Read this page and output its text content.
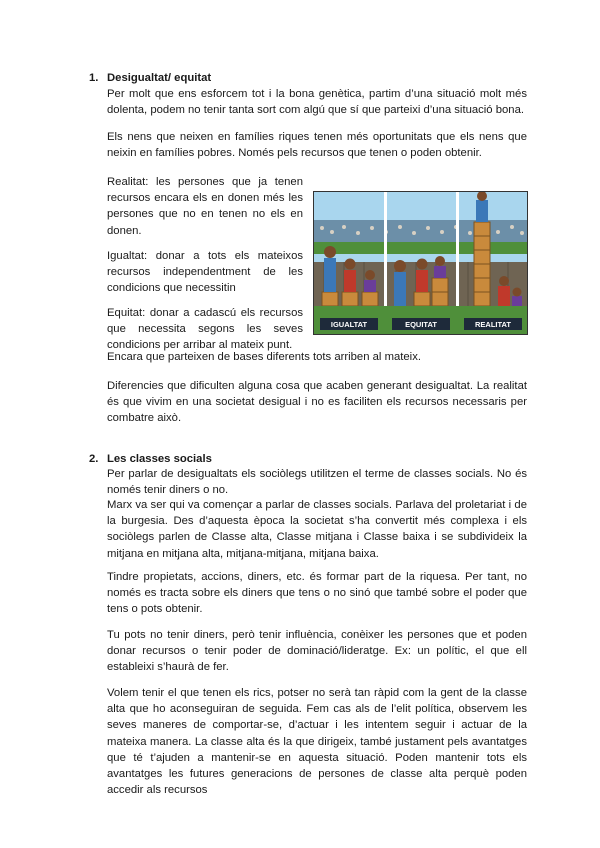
1. Desigualtat/ equitat

Per molt que ens esforcem tot i la bona genètica, partim d’una situació molt més dolenta, podem no tenir tanta sort com algú que sí que parteixi d’una situació bona.

Els nens que neixen en famílies riques tenen més oportunitats que els nens que neixin en famílies pobres. Només pels recursos que tenen o poden obtenir.

Realitat: les persones que ja tenen recursos encara els en donen més les persones que no en tenen no els en donen.

Igualtat: donar a tots els mateixos recursos independentment de les condicions que necessitin

Equitat: donar a cadascú els recursos que necessita segons les seves condicions per arribar al mateix punt.

IGUALTAT	EQUITAT	REALITAT

Encara que parteixen de bases diferents tots arriben al mateix.

Diferencies que dificulten alguna cosa que acaben generant desigualtat. La realitat és que vivim en una societat desigual i no es faciliten els recursos necessaris per combatre això.

2. Les classes socials

Per parlar de desigualtats els sociòlegs utilitzen el terme de classes socials. No és només tenir diners o no.

Marx va ser qui va començar a parlar de classes socials. Parlava del proletariat i de la burgesia. Des d’aquesta època la societat s’ha convertit més complexa i els sociòlegs parlen de Classe alta, Classe mitjana i Classe baixa i se subdivideix la mitjana en mitjana alta, mitjana-mitjana, mitjana baixa.

Tindre propietats, accions, diners, etc. és formar part de la riquesa. Per tant, no només es tracta sobre els diners que tens o no sinó que també sobre el poder que tens o pots obtenir.

Tu pots no tenir diners, però tenir influència, conèixer les persones que et poden donar recursos o tenir poder de dominació/lideratge. Ex: un polític, el que ell estableixi s’haurà de fer.

Volem tenir el que tenen els rics, potser no serà tan ràpid com la gent de la classe alta que ho aconseguiran de seguida. Fem cas als de l’elit política, observem les seves maneres de comportar-se, d’actuar i les intentem seguir i actuar de la mateixa manera. La classe alta és la que dirigeix, també justament pels avantatges que té t’ajuden a mantenir-se en aquesta situació. Poden mantenir tots els avantatges les futures generacions de persones de classe alta perquè poden accedir als recursos
